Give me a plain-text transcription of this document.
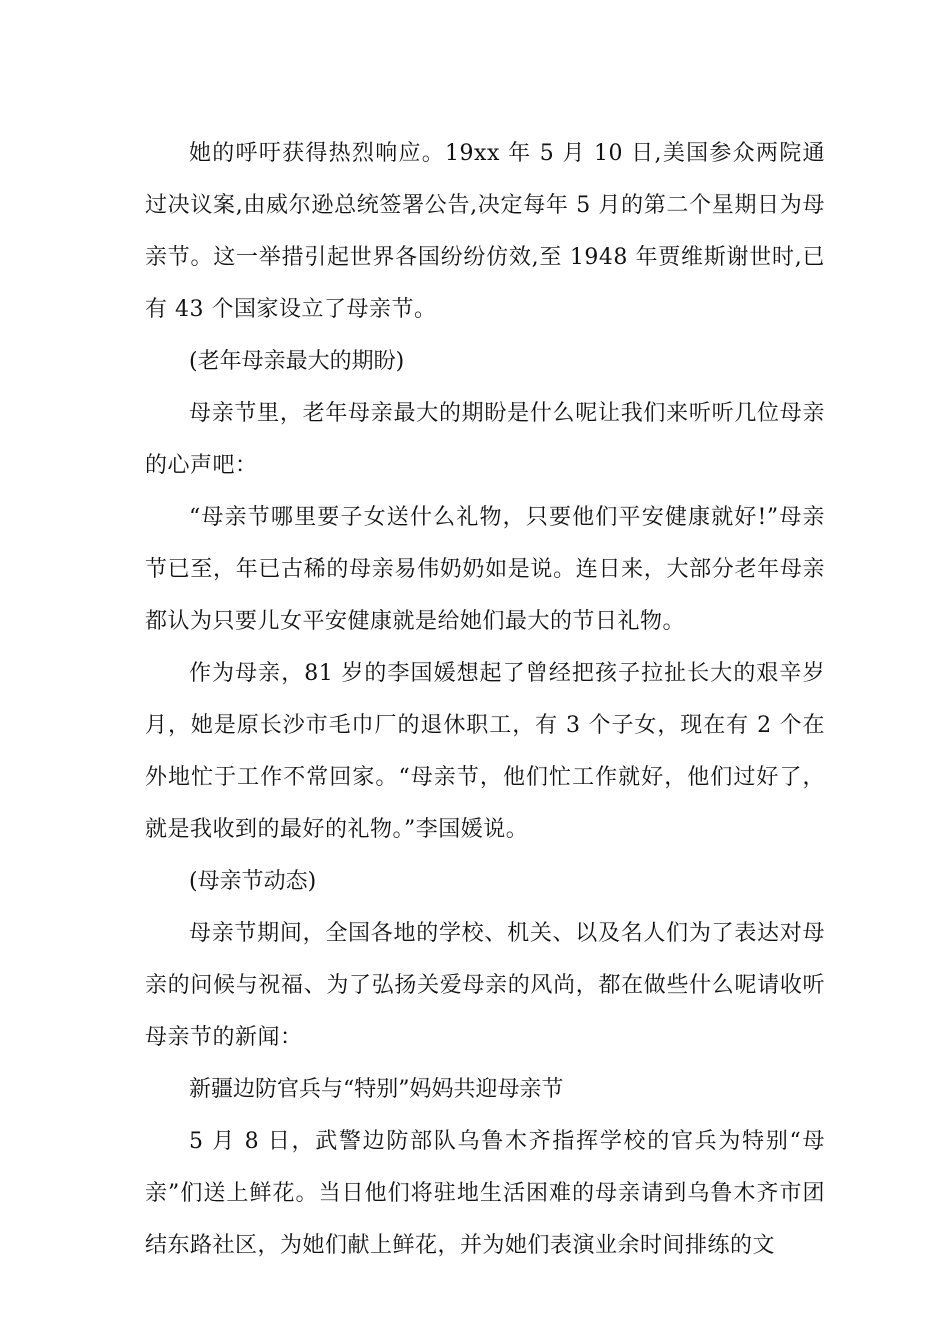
她的呼吁获得热烈响应。19xx 年 5 月 10 日,美国参众两院通过决议案,由威尔逊总统签署公告,决定每年 5 月的第二个星期日为母亲节。这一举措引起世界各国纷纷仿效,至 1948 年贾维斯谢世时,已有 43 个国家设立了母亲节。

(老年母亲最大的期盼)

母亲节里，老年母亲最大的期盼是什么呢让我们来听听几位母亲的心声吧：

“母亲节哪里要子女送什么礼物，只要他们平安健康就好!”母亲节已至，年已古稀的母亲易伟奶奶如是说。连日来，大部分老年母亲都认为只要儿女平安健康就是给她们最大的节日礼物。

作为母亲，81 岁的李国媛想起了曾经把孩子拉扯长大的艰辛岁月，她是原长沙市毛巾厂的退休职工，有 3 个子女，现在有 2 个在外地忙于工作不常回家。“母亲节，他们忙工作就好，他们过好了，就是我收到的最好的礼物。”李国媛说。

(母亲节动态)

母亲节期间，全国各地的学校、机关、以及名人们为了表达对母亲的问候与祝福、为了弘扬关爱母亲的风尚，都在做些什么呢请收听母亲节的新闻：

新疆边防官兵与“特别”妈妈共迎母亲节

5 月 8 日，武警边防部队乌鲁木齐指挥学校的官兵为特别“母亲”们送上鲜花。当日他们将驻地生活困难的母亲请到乌鲁木齐市团结东路社区，为她们献上鲜花，并为她们表演业余时间排练的文
